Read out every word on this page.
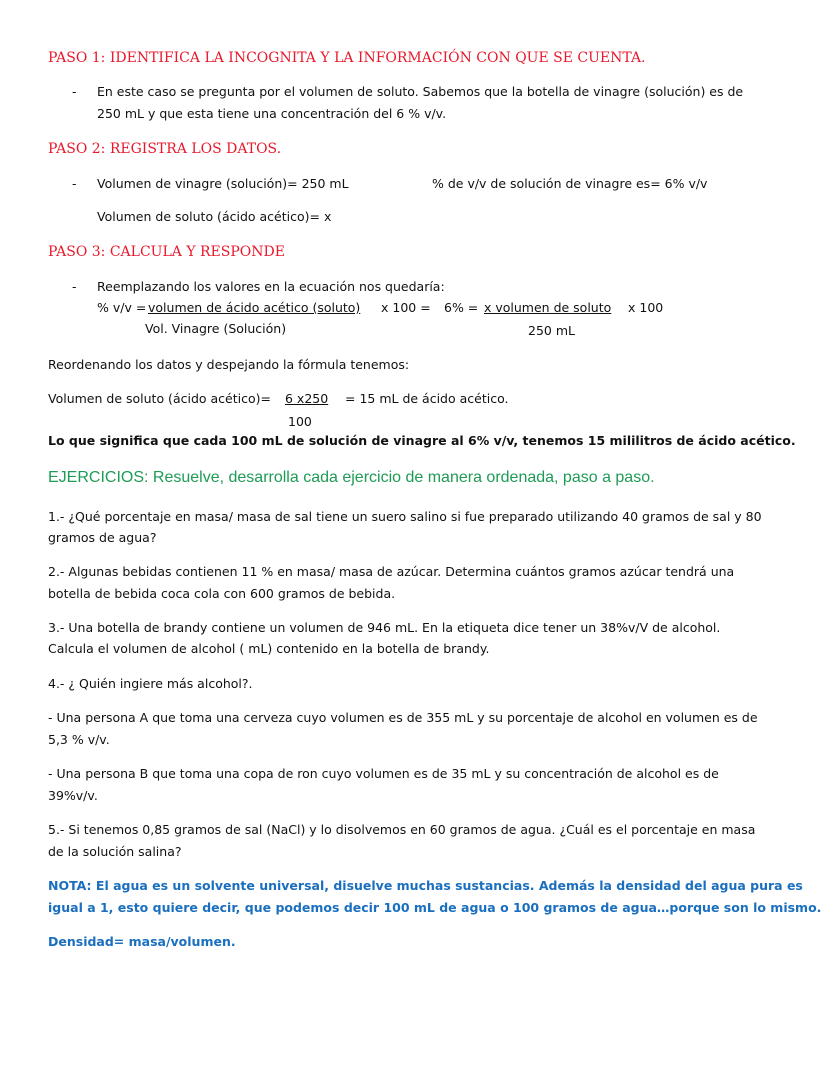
PASO 1: IDENTIFICA LA INCOGNITA Y LA INFORMACIÓN CON QUE SE CUENTA.
- En este caso se pregunta por el volumen de soluto. Sabemos que la botella de vinagre (solución) es de
250 mL y que esta tiene una concentración del 6 % v/v.
PASO 2: REGISTRA LOS DATOS.
- Volumen de vinagre (solución)= 250 mL	% de v/v de solución de vinagre es= 6% v/v
Volumen de soluto (ácido acético)= x
PASO 3: CALCULA Y RESPONDE
- Reemplazando los valores en la ecuación nos quedaría:
% v/v = volumen de ácido acético (soluto) x 100 = 6% = x volumen de soluto x 100
Vol. Vinagre (Solución)	250 mL
Reordenando los datos y despejando la fórmula tenemos:
Volumen de soluto (ácido acético)= 6 x250 = 15 mL de ácido acético.
100
Lo que significa que cada 100 mL de solución de vinagre al 6% v/v, tenemos 15 mililitros de ácido acético.
EJERCICIOS: Resuelve, desarrolla cada ejercicio de manera ordenada, paso a paso.
1.- ¿Qué porcentaje en masa/ masa de sal tiene un suero salino si fue preparado utilizando 40 gramos de sal y 80
gramos de agua?
2.- Algunas bebidas contienen 11 % en masa/ masa de azúcar. Determina cuántos gramos azúcar tendrá una
botella de bebida coca cola con 600 gramos de bebida.
3.- Una botella de brandy contiene un volumen de 946 mL. En la etiqueta dice tener un 38%v/V de alcohol.
Calcula el volumen de alcohol ( mL) contenido en la botella de brandy.
4.- ¿ Quién ingiere más alcohol?.
- Una persona A que toma una cerveza cuyo volumen es de 355 mL y su porcentaje de alcohol en volumen es de
5,3 % v/v.
- Una persona B que toma una copa de ron cuyo volumen es de 35 mL y su concentración de alcohol es de
39%v/v.
5.- Si tenemos 0,85 gramos de sal (NaCl) y lo disolvemos en 60 gramos de agua. ¿Cuál es el porcentaje en masa
de la solución salina?
NOTA: El agua es un solvente universal, disuelve muchas sustancias. Además la densidad del agua pura es
igual a 1, esto quiere decir, que podemos decir 100 mL de agua o 100 gramos de agua…porque son lo mismo.
Densidad= masa/volumen.
